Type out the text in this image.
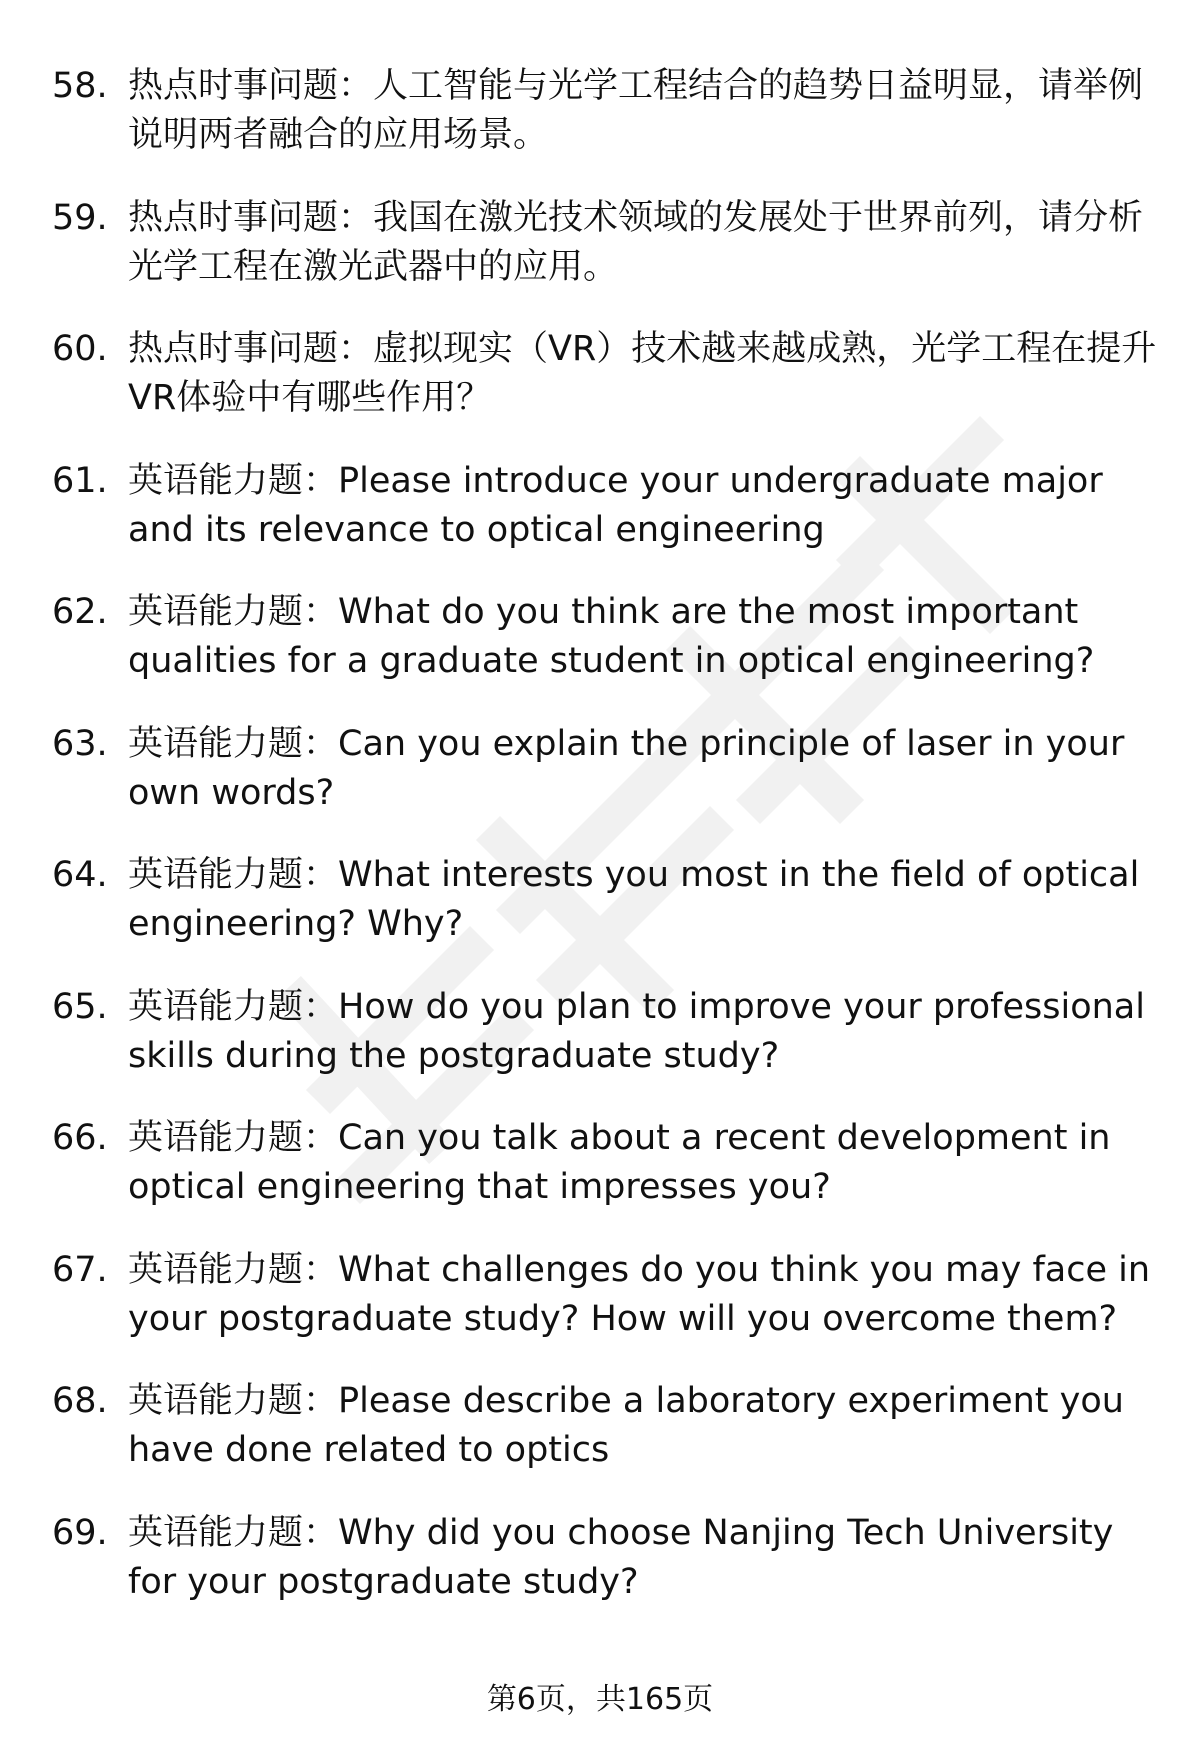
58. 热点时事问题：人工智能与光学工程结合的趋势日益明显，请举例说明两者融合的应用场景。

59. 热点时事问题：我国在激光技术领域的发展处于世界前列，请分析光学工程在激光武器中的应用。

60. 热点时事问题：虚拟现实（VR）技术越来越成熟，光学工程在提升VR体验中有哪些作用？

61. 英语能力题：Please introduce your undergraduate major and its relevance to optical engineering

62. 英语能力题：What do you think are the most important qualities for a graduate student in optical engineering?

63. 英语能力题：Can you explain the principle of laser in your own words?

64. 英语能力题：What interests you most in the field of optical engineering? Why?

65. 英语能力题：How do you plan to improve your professional skills during the postgraduate study?

66. 英语能力题：Can you talk about a recent development in optical engineering that impresses you?

67. 英语能力题：What challenges do you think you may face in your postgraduate study? How will you overcome them?

68. 英语能力题：Please describe a laboratory experiment you have done related to optics

69. 英语能力题：Why did you choose Nanjing Tech University for your postgraduate study?

第6页，共165页
